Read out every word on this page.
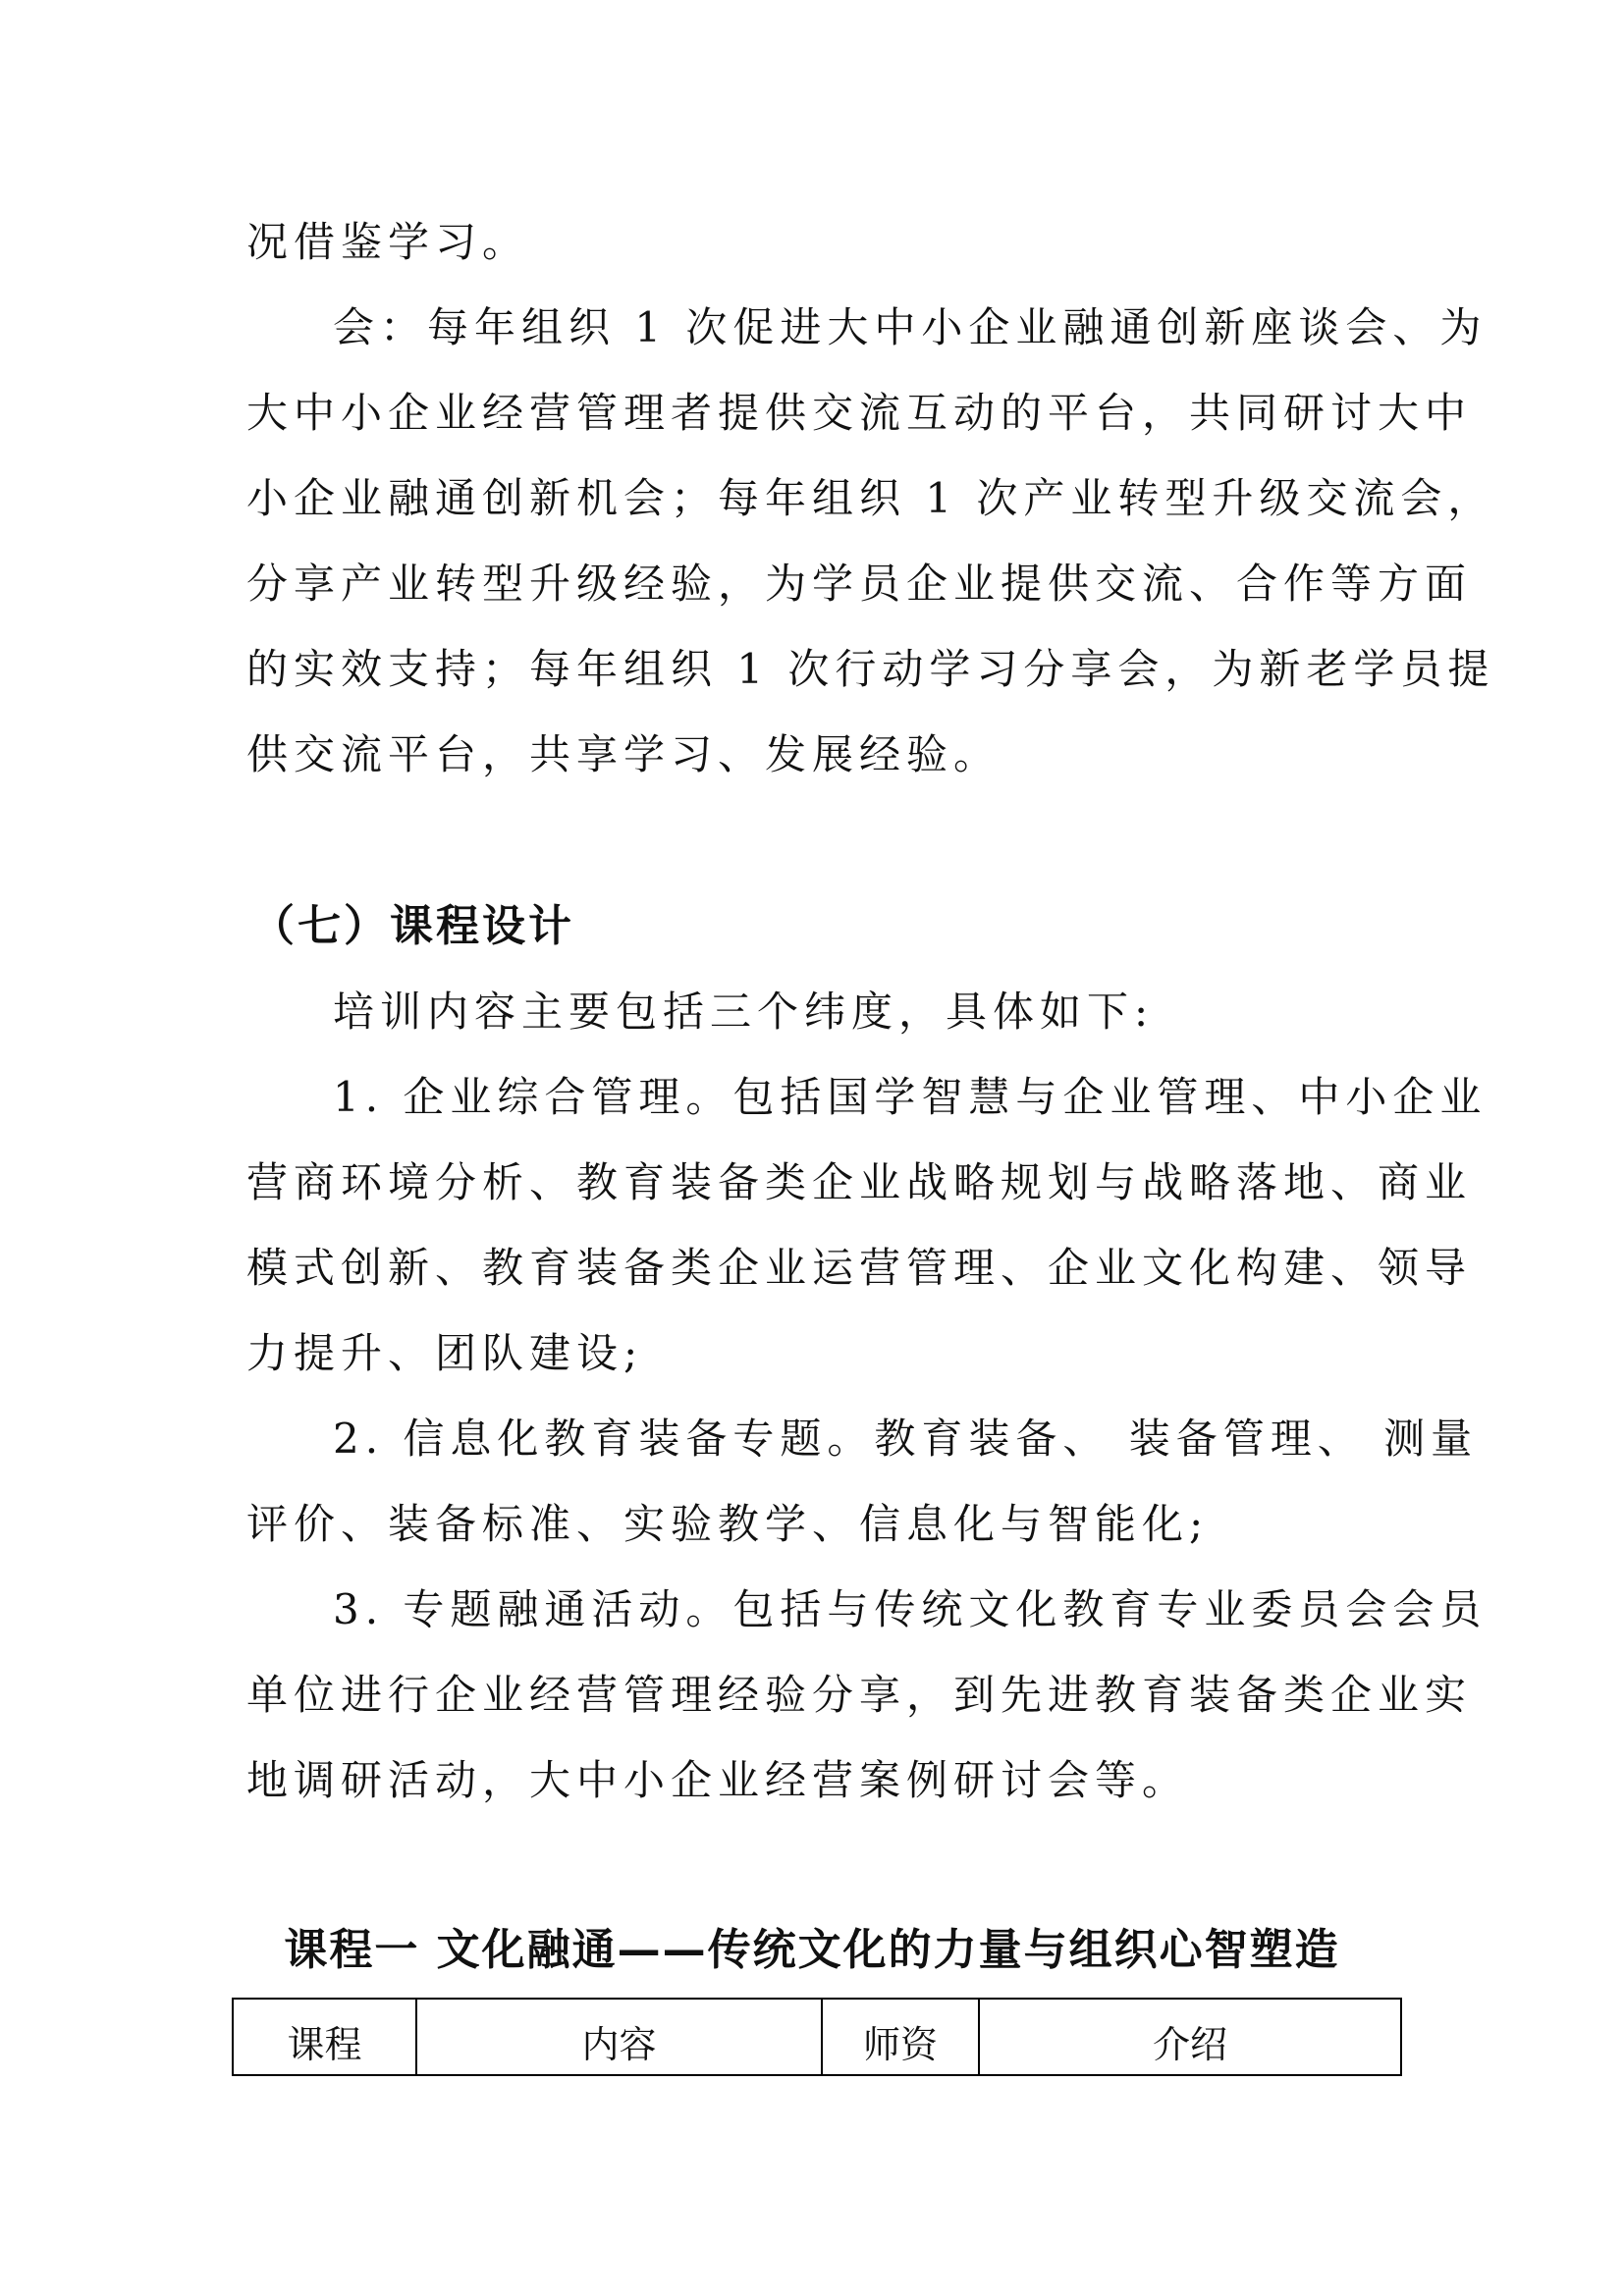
况借鉴学习。
会：每年组织 1 次促进大中小企业融通创新座谈会、为
大中小企业经营管理者提供交流互动的平台，共同研讨大中
小企业融通创新机会；每年组织 1 次产业转型升级交流会，
分享产业转型升级经验，为学员企业提供交流、合作等方面
的实效支持；每年组织 1 次行动学习分享会，为新老学员提
供交流平台，共享学习、发展经验。
（七）课程设计
培训内容主要包括三个纬度，具体如下:
1. 企业综合管理。包括国学智慧与企业管理、中小企业
营商环境分析、教育装备类企业战略规划与战略落地、商业
模式创新、教育装备类企业运营管理、企业文化构建、领导
力提升、团队建设;
2. 信息化教育装备专题。教育装备、 装备管理、 测量
评价、装备标准、实验教学、信息化与智能化;
3. 专题融通活动。包括与传统文化教育专业委员会会员
单位进行企业经营管理经验分享，到先进教育装备类企业实
地调研活动，大中小企业经营案例研讨会等。
课程一 文化融通——传统文化的力量与组织心智塑造
课程	内容	师资	介绍
